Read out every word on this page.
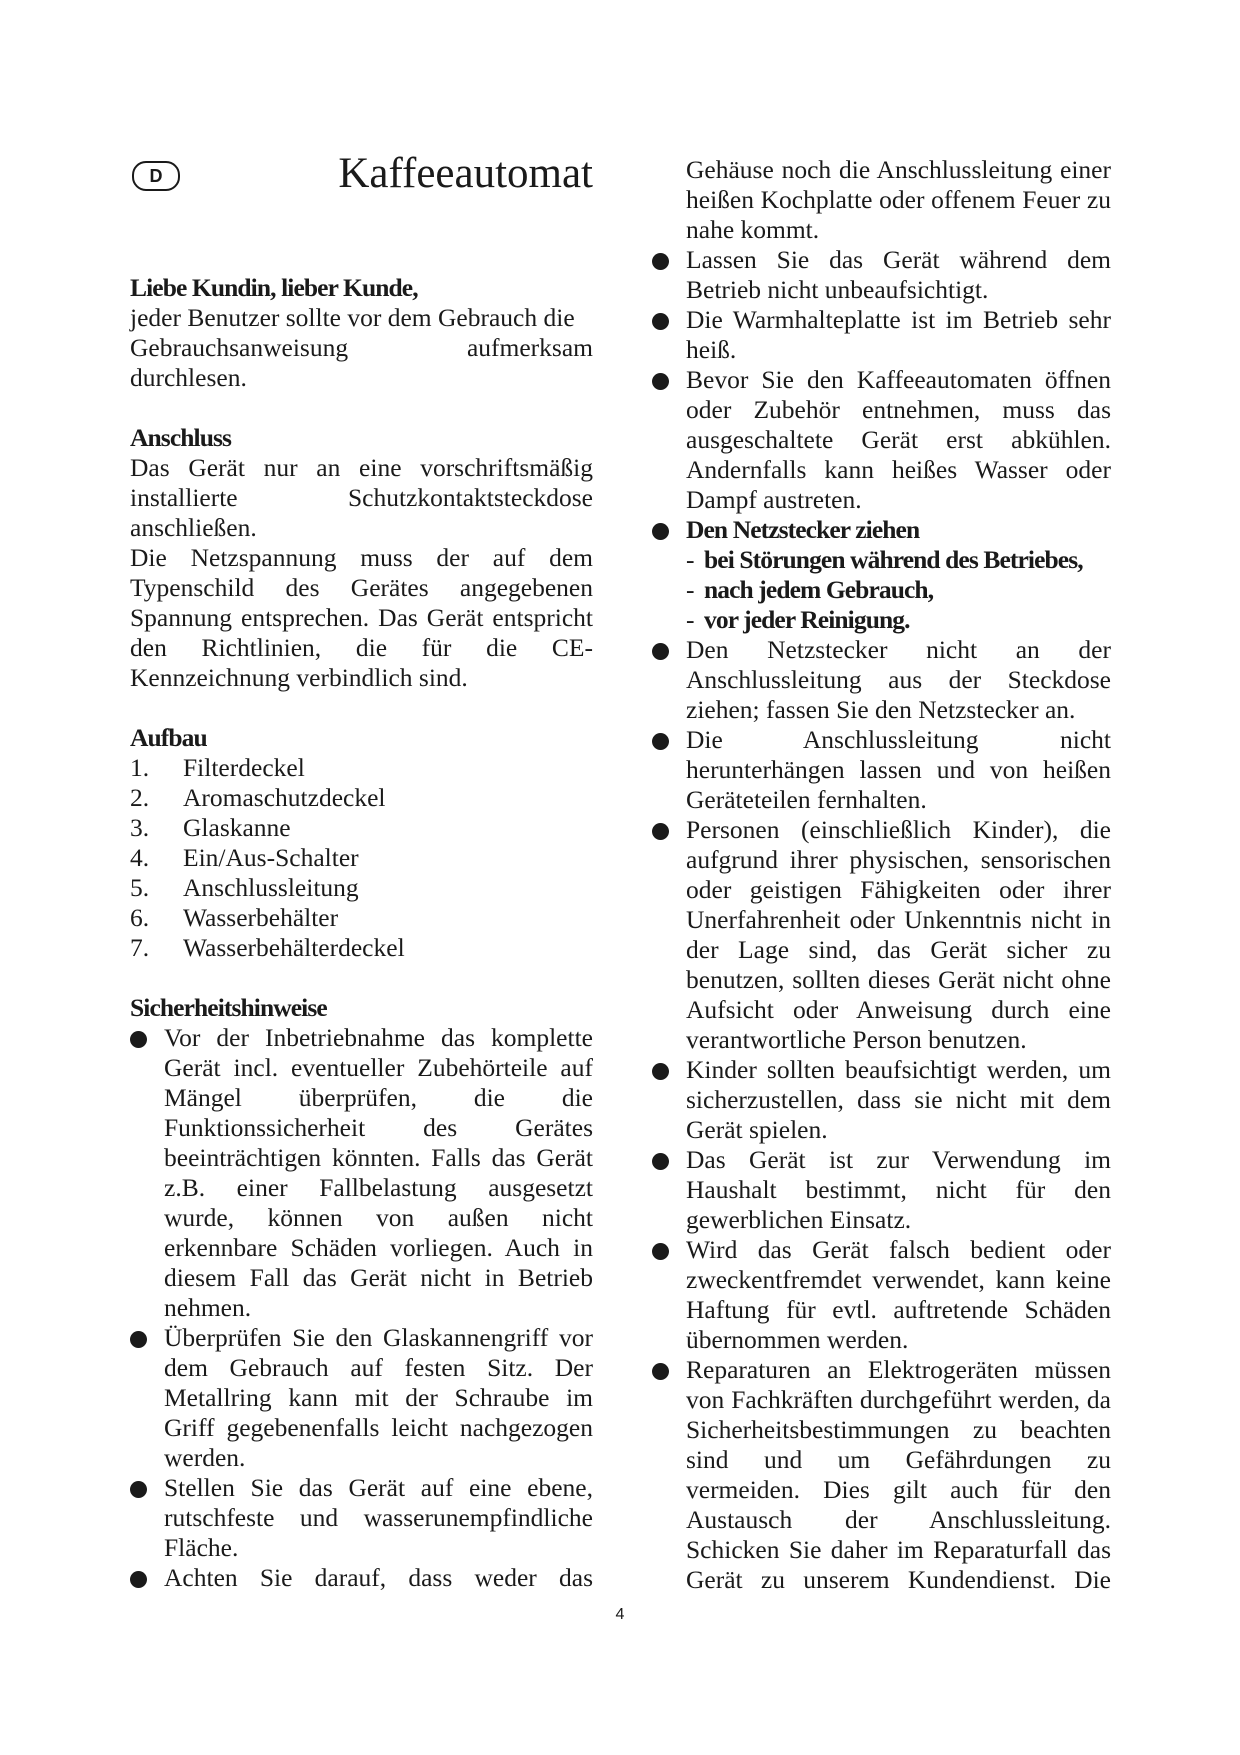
D	Kaffeeautomat
Liebe Kundin, lieber Kunde,
jeder Benutzer sollte vor dem Gebrauch die
Gebrauchsanweisung aufmerksam
durchlesen.
Anschluss
Das Gerät nur an eine vorschriftsmäßig installierte Schutzkontaktsteckdose anschließen.
Die Netzspannung muss der auf dem Typenschild des Gerätes angegebenen Spannung entsprechen. Das Gerät entspricht den Richtlinien, die für die CE-Kennzeichnung verbindlich sind.
Aufbau
1.	Filterdeckel
2.	Aromaschutzdeckel
3.	Glaskanne
4.	Ein/Aus-Schalter
5.	Anschlussleitung
6.	Wasserbehälter
7.	Wasserbehälterdeckel
Sicherheitshinweise
Vor der Inbetriebnahme das komplette Gerät incl. eventueller Zubehörteile auf Mängel überprüfen, die die Funktionssicherheit des Gerätes beeinträchtigen könnten. Falls das Gerät z.B. einer Fallbelastung ausgesetzt wurde, können von außen nicht erkennbare Schäden vorliegen. Auch in diesem Fall das Gerät nicht in Betrieb nehmen.
Überprüfen Sie den Glaskannengriff vor dem Gebrauch auf festen Sitz. Der Metallring kann mit der Schraube im Griff gegebenenfalls leicht nachgezogen werden.
Stellen Sie das Gerät auf eine ebene, rutschfeste und wasserunempfindliche Fläche.
Achten Sie darauf, dass weder das
Gehäuse noch die Anschlussleitung einer heißen Kochplatte oder offenem Feuer zu nahe kommt.
Lassen Sie das Gerät während dem Betrieb nicht unbeaufsichtigt.
Die Warmhalteplatte ist im Betrieb sehr heiß.
Bevor Sie den Kaffeeautomaten öffnen oder Zubehör entnehmen, muss das ausgeschaltete Gerät erst abkühlen. Andernfalls kann heißes Wasser oder Dampf austreten.
Den Netzstecker ziehen
- bei Störungen während des Betriebes,
- nach jedem Gebrauch,
- vor jeder Reinigung.
Den Netzstecker nicht an der Anschlussleitung aus der Steckdose ziehen; fassen Sie den Netzstecker an.
Die Anschlussleitung nicht herunterhängen lassen und von heißen Geräteteilen fernhalten.
Personen (einschließlich Kinder), die aufgrund ihrer physischen, sensorischen oder geistigen Fähigkeiten oder ihrer Unerfahrenheit oder Unkenntnis nicht in der Lage sind, das Gerät sicher zu benutzen, sollten dieses Gerät nicht ohne Aufsicht oder Anweisung durch eine verantwortliche Person benutzen.
Kinder sollten beaufsichtigt werden, um sicherzustellen, dass sie nicht mit dem Gerät spielen.
Das Gerät ist zur Verwendung im Haushalt bestimmt, nicht für den gewerblichen Einsatz.
Wird das Gerät falsch bedient oder zweckentfremdet verwendet, kann keine Haftung für evtl. auftretende Schäden übernommen werden.
Reparaturen an Elektrogeräten müssen von Fachkräften durchgeführt werden, da Sicherheitsbestimmungen zu beachten sind und um Gefährdungen zu vermeiden. Dies gilt auch für den Austausch der Anschlussleitung. Schicken Sie daher im Reparaturfall das Gerät zu unserem Kundendienst. Die
4
